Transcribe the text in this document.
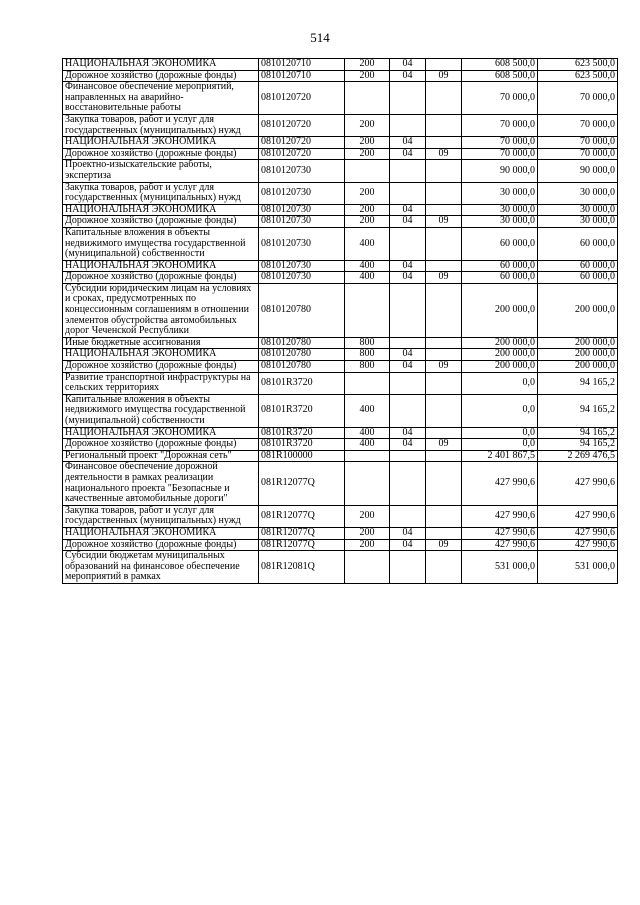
514
НАЦИОНАЛЬНАЯ ЭКОНОМИКА	0810120710	200	04		608 500,0	623 500,0
Дорожное хозяйство (дорожные фонды)	0810120710	200	04	09	608 500,0	623 500,0
Финансовое обеспечение мероприятий, направленных на аварийно-восстановительные работы	0810120720				70 000,0	70 000,0
Закупка товаров, работ и услуг для государственных (муниципальных) нужд	0810120720	200			70 000,0	70 000,0
НАЦИОНАЛЬНАЯ ЭКОНОМИКА	0810120720	200	04		70 000,0	70 000,0
Дорожное хозяйство (дорожные фонды)	0810120720	200	04	09	70 000,0	70 000,0
Проектно-изыскательские работы, экспертиза	0810120730				90 000,0	90 000,0
Закупка товаров, работ и услуг для государственных (муниципальных) нужд	0810120730	200			30 000,0	30 000,0
НАЦИОНАЛЬНАЯ ЭКОНОМИКА	0810120730	200	04		30 000,0	30 000,0
Дорожное хозяйство (дорожные фонды)	0810120730	200	04	09	30 000,0	30 000,0
Капитальные вложения в объекты недвижимого имущества государственной (муниципальной) собственности	0810120730	400			60 000,0	60 000,0
НАЦИОНАЛЬНАЯ ЭКОНОМИКА	0810120730	400	04		60 000,0	60 000,0
Дорожное хозяйство (дорожные фонды)	0810120730	400	04	09	60 000,0	60 000,0
Субсидии юридическим лицам на условиях и сроках, предусмотренных по концессионным соглашениям в отношении элементов обустройства автомобильных дорог Чеченской Республики	0810120780				200 000,0	200 000,0
Иные бюджетные ассигнования	0810120780	800			200 000,0	200 000,0
НАЦИОНАЛЬНАЯ ЭКОНОМИКА	0810120780	800	04		200 000,0	200 000,0
Дорожное хозяйство (дорожные фонды)	0810120780	800	04	09	200 000,0	200 000,0
Развитие транспортной инфраструктуры на сельских территориях	08101R3720				0,0	94 165,2
Капитальные вложения в объекты недвижимого имущества государственной (муниципальной) собственности	08101R3720	400			0,0	94 165,2
НАЦИОНАЛЬНАЯ ЭКОНОМИКА	08101R3720	400	04		0,0	94 165,2
Дорожное хозяйство (дорожные фонды)	08101R3720	400	04	09	0,0	94 165,2
Региональный проект "Дорожная сеть"	081R100000				2 401 867,5	2 269 476,5
Финансовое обеспечение дорожной деятельности в рамках реализации национального проекта "Безопасные и качественные автомобильные дороги"	081R12077Q				427 990,6	427 990,6
Закупка товаров, работ и услуг для государственных (муниципальных) нужд	081R12077Q	200			427 990,6	427 990,6
НАЦИОНАЛЬНАЯ ЭКОНОМИКА	081R12077Q	200	04		427 990,6	427 990,6
Дорожное хозяйство (дорожные фонды)	081R12077Q	200	04	09	427 990,6	427 990,6
Субсидии бюджетам муниципальных образований на финансовое обеспечение мероприятий в рамках	081R12081Q				531 000,0	531 000,0
